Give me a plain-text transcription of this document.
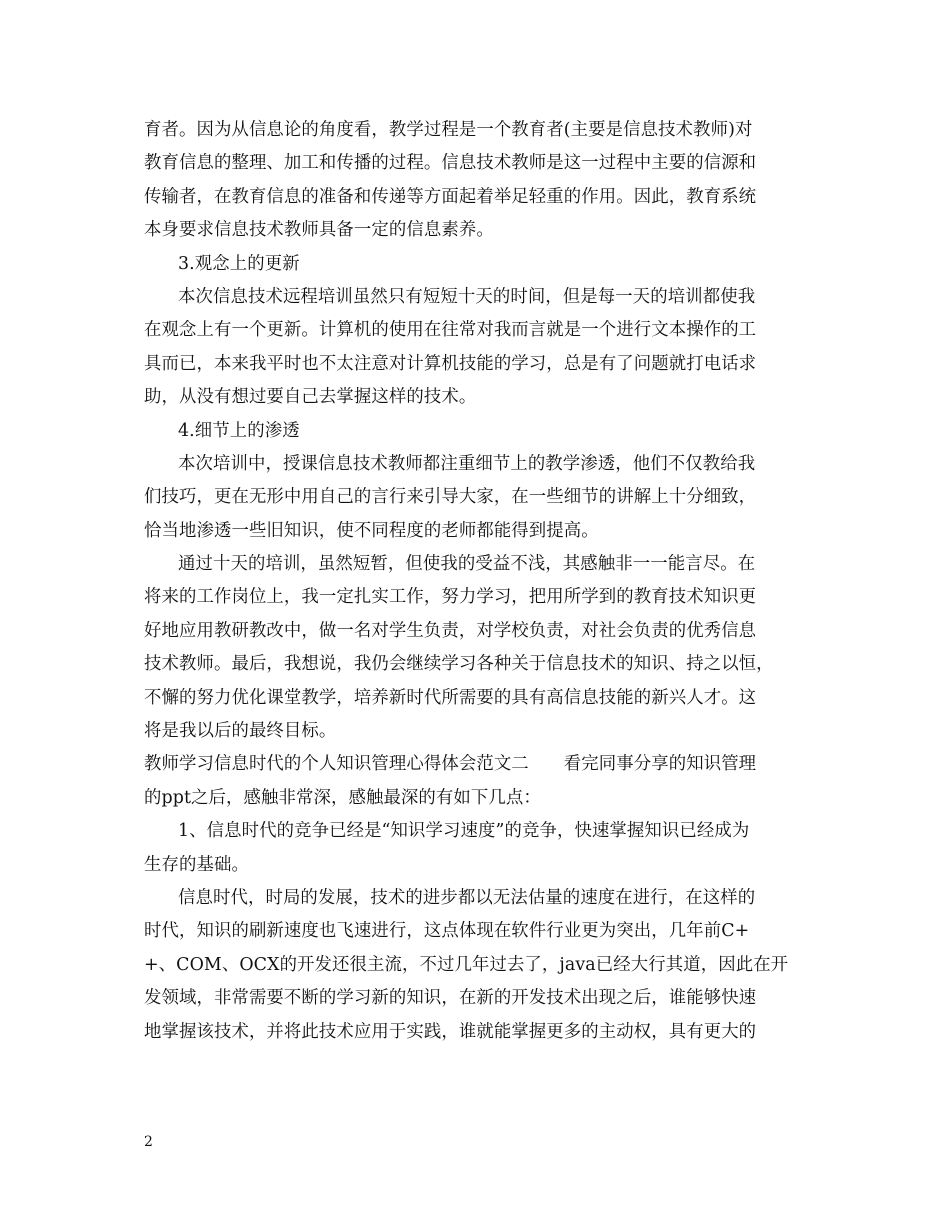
育者。因为从信息论的角度看，教学过程是一个教育者(主要是信息技术教师)对
教育信息的整理、加工和传播的过程。信息技术教师是这一过程中主要的信源和
传输者，在教育信息的准备和传递等方面起着举足轻重的作用。因此，教育系统
本身要求信息技术教师具备一定的信息素养。
3.观念上的更新
本次信息技术远程培训虽然只有短短十天的时间，但是每一天的培训都使我
在观念上有一个更新。计算机的使用在往常对我而言就是一个进行文本操作的工
具而已，本来我平时也不太注意对计算机技能的学习，总是有了问题就打电话求
助，从没有想过要自己去掌握这样的技术。
4.细节上的渗透
本次培训中，授课信息技术教师都注重细节上的教学渗透，他们不仅教给我
们技巧，更在无形中用自己的言行来引导大家，在一些细节的讲解上十分细致，
恰当地渗透一些旧知识，使不同程度的老师都能得到提高。
通过十天的培训，虽然短暂，但使我的受益不浅，其感触非一一能言尽。在
将来的工作岗位上，我一定扎实工作，努力学习，把用所学到的教育技术知识更
好地应用教研教改中，做一名对学生负责，对学校负责，对社会负责的优秀信息
技术教师。最后，我想说，我仍会继续学习各种关于信息技术的知识、持之以恒，
不懈的努力优化课堂教学，培养新时代所需要的具有高信息技能的新兴人才。这
将是我以后的最终目标。
教师学习信息时代的个人知识管理心得体会范文二　　看完同事分享的知识管理
的ppt之后，感触非常深，感触最深的有如下几点：
1、信息时代的竞争已经是“知识学习速度”的竞争，快速掌握知识已经成为
生存的基础。
信息时代，时局的发展，技术的进步都以无法估量的速度在进行，在这样的
时代，知识的刷新速度也飞速进行，这点体现在软件行业更为突出，几年前C+
+、COM、OCX的开发还很主流，不过几年过去了，java已经大行其道，因此在开
发领域，非常需要不断的学习新的知识，在新的开发技术出现之后，谁能够快速
地掌握该技术，并将此技术应用于实践，谁就能掌握更多的主动权，具有更大的
2
